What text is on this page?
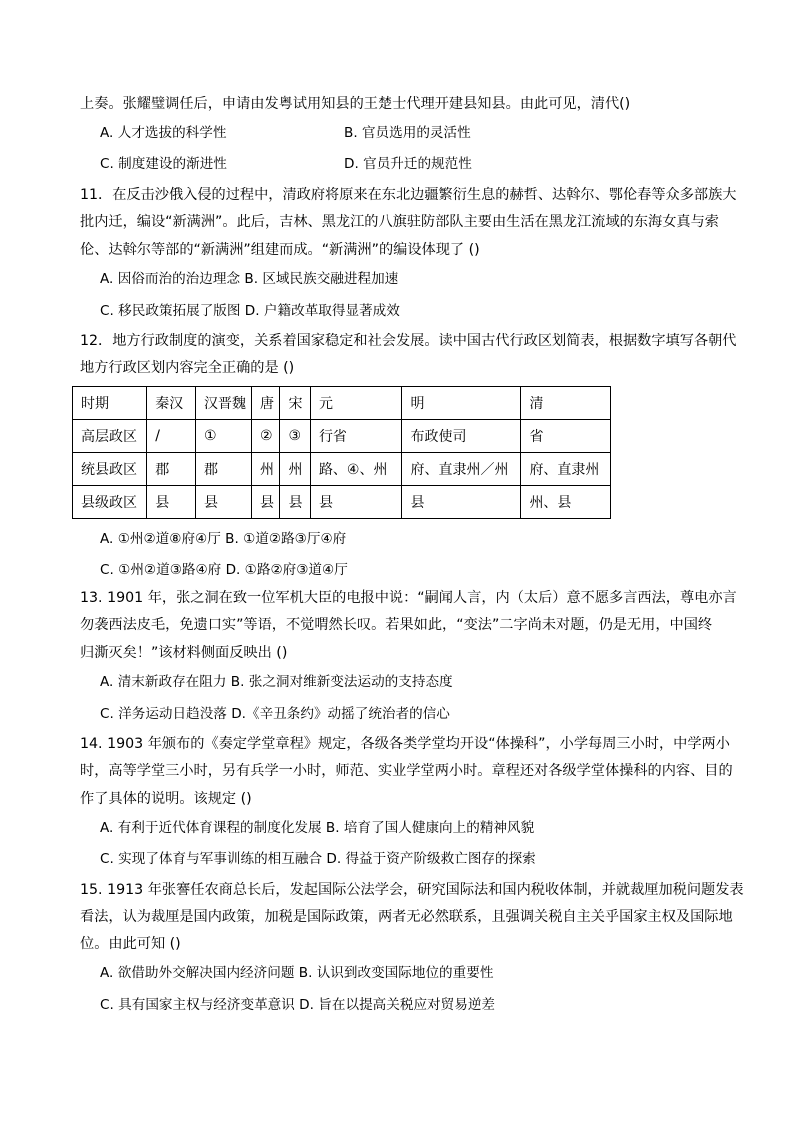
上奏。张耀璧调任后，申请由发粤试用知县的王楚士代理开建县知县。由此可见，清代()
A. 人才选拔的科学性	B. 官员选用的灵活性
C. 制度建设的渐进性	D. 官员升迁的规范性
11．在反击沙俄入侵的过程中，清政府将原来在东北边疆繁衍生息的赫哲、达斡尔、鄂伦春等众多部族大
批内迁，编设“新满洲”。此后，吉林、黑龙江的八旗驻防部队主要由生活在黑龙江流域的东海女真与索
伦、达斡尔等部的“新满洲”组建而成。“新满洲”的编设体现了 ()
A. 因俗而治的治边理念 B. 区域民族交融进程加速
C. 移民政策拓展了版图 D. 户籍改革取得显著成效
12．地方行政制度的演变，关系着国家稳定和社会发展。读中国古代行政区划简表，根据数字填写各朝代
地方行政区划内容完全正确的是 ()
时期	秦汉	汉晋魏	唐	宋	元	明	清
高层政区	/	①	②	③	行省	布政使司	省
统县政区	郡	郡	州	州	路、④、州	府、直隶州／州	府、直隶州
县级政区	县	县	县	县	县	县	州、县
A. ①州②道⑧府④厅 B. ①道②路③厅④府
C. ①州②道③路④府 D. ①路②府③道④厅
13. 1901 年，张之洞在致一位军机大臣的电报中说：“嗣闻人言，内（太后）意不愿多言西法，尊电亦言
勿袭西法皮毛，免遗口实”等语，不觉喟然长叹。若果如此，“变法”二字尚未对题，仍是无用，中国终
归澌灭矣！”该材料侧面反映出 ()
A. 清末新政存在阻力 B. 张之洞对维新变法运动的支持态度
C. 洋务运动日趋没落 D.《辛丑条约》动摇了统治者的信心
14. 1903 年颁布的《奏定学堂章程》规定，各级各类学堂均开设“体操科”，小学每周三小时，中学两小
时，高等学堂三小时，另有兵学一小时，师范、实业学堂两小时。章程还对各级学堂体操科的内容、目的
作了具体的说明。该规定 ()
A. 有利于近代体育课程的制度化发展 B. 培育了国人健康向上的精神风貌
C. 实现了体育与军事训练的相互融合 D. 得益于资产阶级救亡图存的探索
15. 1913 年张謇任农商总长后，发起国际公法学会，研究国际法和国内税收体制，并就裁厘加税问题发表
看法，认为裁厘是国内政策，加税是国际政策，两者无必然联系，且强调关税自主关乎国家主权及国际地
位。由此可知 ()
A. 欲借助外交解决国内经济问题 B. 认识到改变国际地位的重要性
C. 具有国家主权与经济变革意识 D. 旨在以提高关税应对贸易逆差
